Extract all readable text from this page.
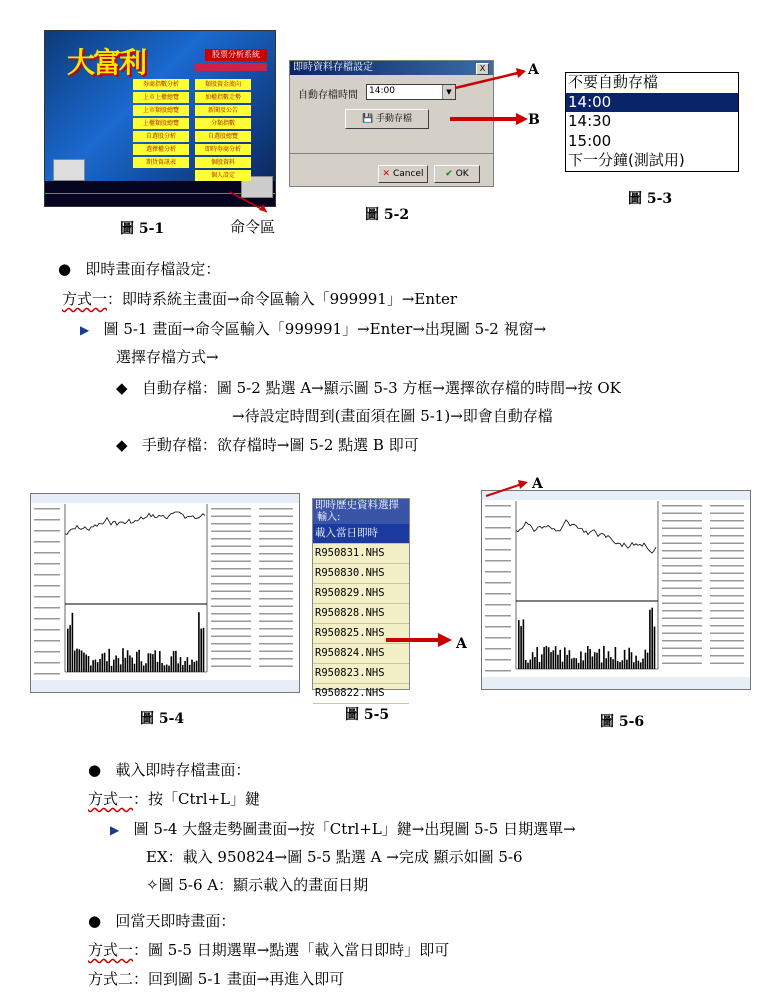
大富利	股票分析系統
券商指數分析
上市上櫃總覽
上市類股總覽
上櫃類股總覽
自選股分析
選擇權分析
期貨資訊表
類股資金流向
加權指數走勢
新聞及公告
分類指數
自選股總覽
即時券商分析
個股資料
個人設定
圖 5-1	命令區
即時資料存檔設定	X
自動存檔時間 14:00	▼
💾 手動存檔
✕ Cancel	✔ OK
A
B
圖 5-2
不要自動存檔
14:00
14:30
15:00
下一分鐘(測試用)
圖 5-3
● 即時畫面存檔設定：
方式一：即時系統主畫面→命令區輸入「999991」→Enter
▶ 圖 5-1 畫面→命令區輸入「999991」→Enter→出現圖 5-2 視窗→
選擇存檔方式→
◆ 自動存檔：圖 5-2 點選 A→顯示圖 5-3 方框→選擇欲存檔的時間→按 OK
→待設定時間到(畫面須在圖 5-1)→即會自動存檔
◆ 手動存檔：欲存檔時→圖 5-2 點選 B 即可
圖 5-4
即時歷史資料選擇
輸入:
載入當日即時
R950831.NHS
R950830.NHS
R950829.NHS
R950828.NHS
R950825.NHS
R950824.NHS
R950823.NHS
R950822.NHS
A
圖 5-5
A
圖 5-6
● 載入即時存檔畫面：
方式一：按「Ctrl+L」鍵
▶ 圖 5-4 大盤走勢圖畫面→按「Ctrl+L」鍵→出現圖 5-5 日期選單→
EX：載入 950824→圖 5-5 點選 A →完成 顯示如圖 5-6
✧圖 5-6 A：顯示載入的畫面日期
● 回當天即時畫面：
方式一：圖 5-5 日期選單→點選「載入當日即時」即可
方式二：回到圖 5-1 畫面→再進入即可
